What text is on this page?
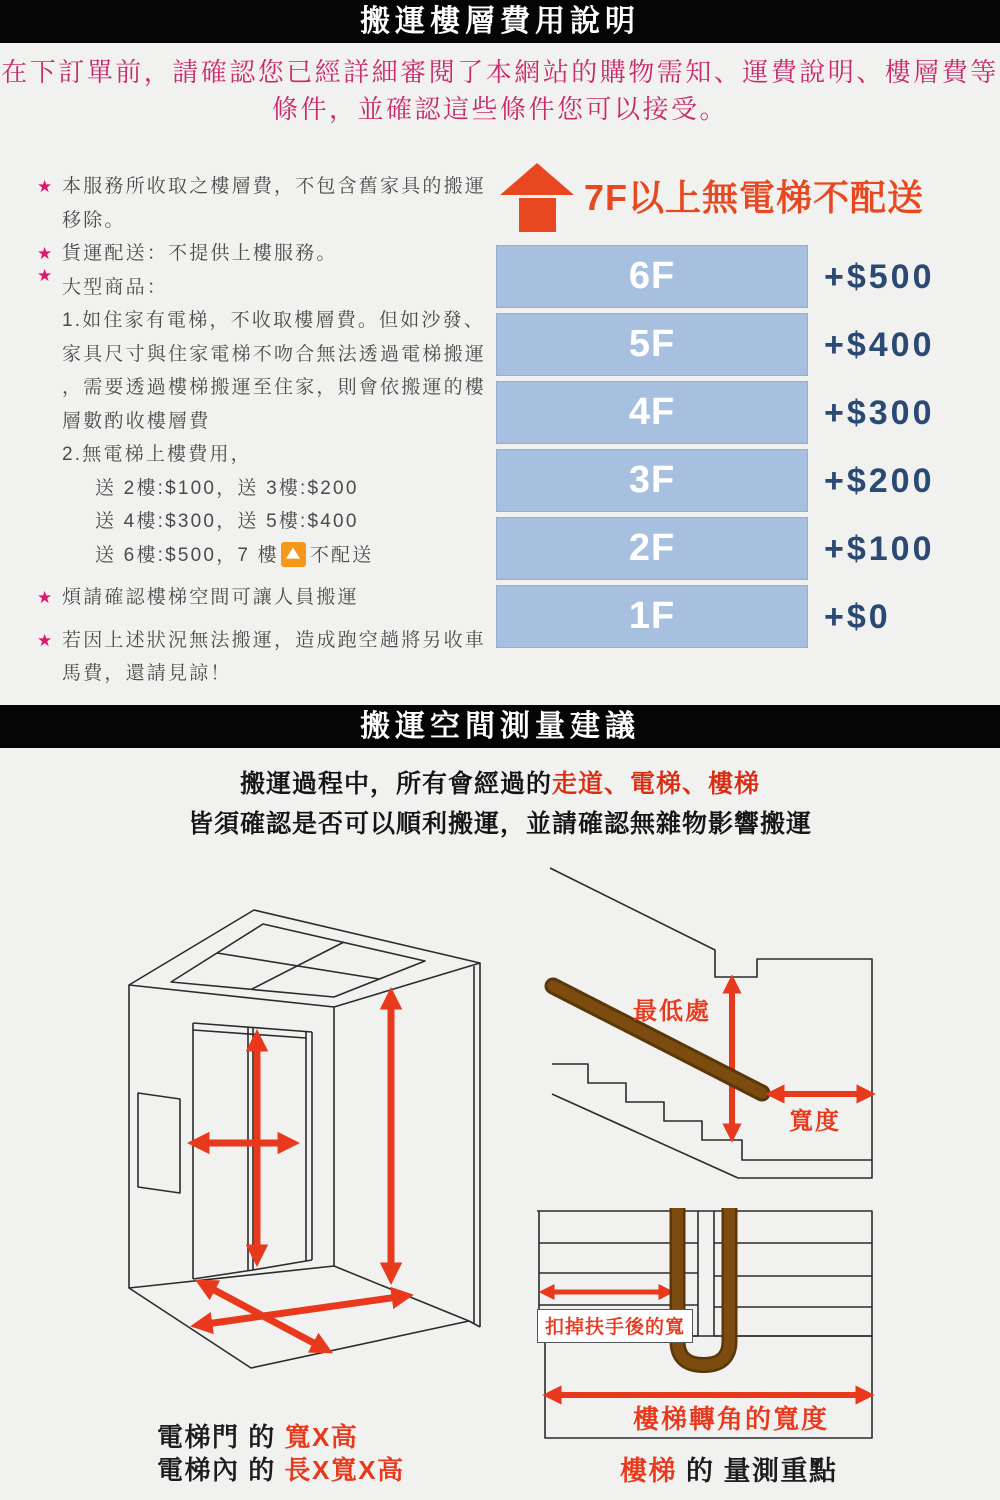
搬運樓層費用說明
在下訂單前，請確認您已經詳細審閱了本網站的購物需知、運費說明、樓層費等
條件，並確認這些條件您可以接受。
★ 本服務所收取之樓層費，不包含舊家具的搬運
移除。
★ 貨運配送：不提供上樓服務。
★
大型商品：
1.如住家有電梯，不收取樓層費。但如沙發、
家具尺寸與住家電梯不吻合無法透過電梯搬運
，需要透過樓梯搬運至住家，則會依搬運的樓
層數酌收樓層費
2.無電梯上樓費用，
送 2樓:$100，送 3樓:$200
送 4樓:$300，送 5樓:$400
送 6樓:$500，7 樓 不配送
★ 煩請確認樓梯空間可讓人員搬運
★ 若因上述狀況無法搬運，造成跑空趟將另收車
馬費，還請見諒！
7F以上無電梯不配送
6F	+$500
5F	+$400
4F	+$300
3F	+$200
2F	+$100
1F	+$0
搬運空間測量建議
搬運過程中，所有會經過的走道、電梯、樓梯
皆須確認是否可以順利搬運，並請確認無雜物影響搬運
最低處
寬度
扣掉扶手後的寬
樓梯轉角的寬度
電梯門 的 寬X高
電梯內 的 長X寬X高	樓梯 的 量測重點
